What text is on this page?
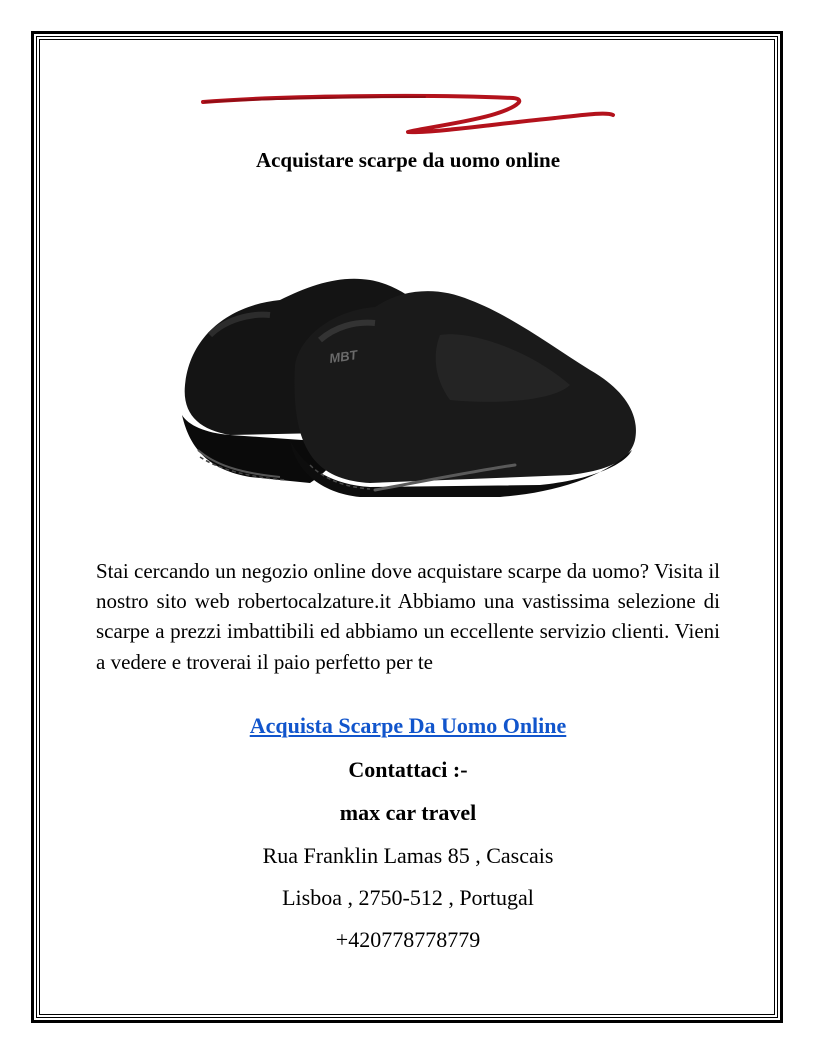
Acquistare scarpe da uomo online
MBT
Stai cercando un negozio online dove acquistare scarpe da uomo? Visita il nostro sito web robertocalzature.it Abbiamo una vastissima selezione di scarpe a prezzi imbattibili ed abbiamo un eccellente servizio clienti. Vieni a vedere e troverai il paio perfetto per te
Acquista Scarpe Da Uomo Online
Contattaci :-
max car travel
Rua Franklin Lamas 85 , Cascais
Lisboa , 2750-512 , Portugal
+420778778779
